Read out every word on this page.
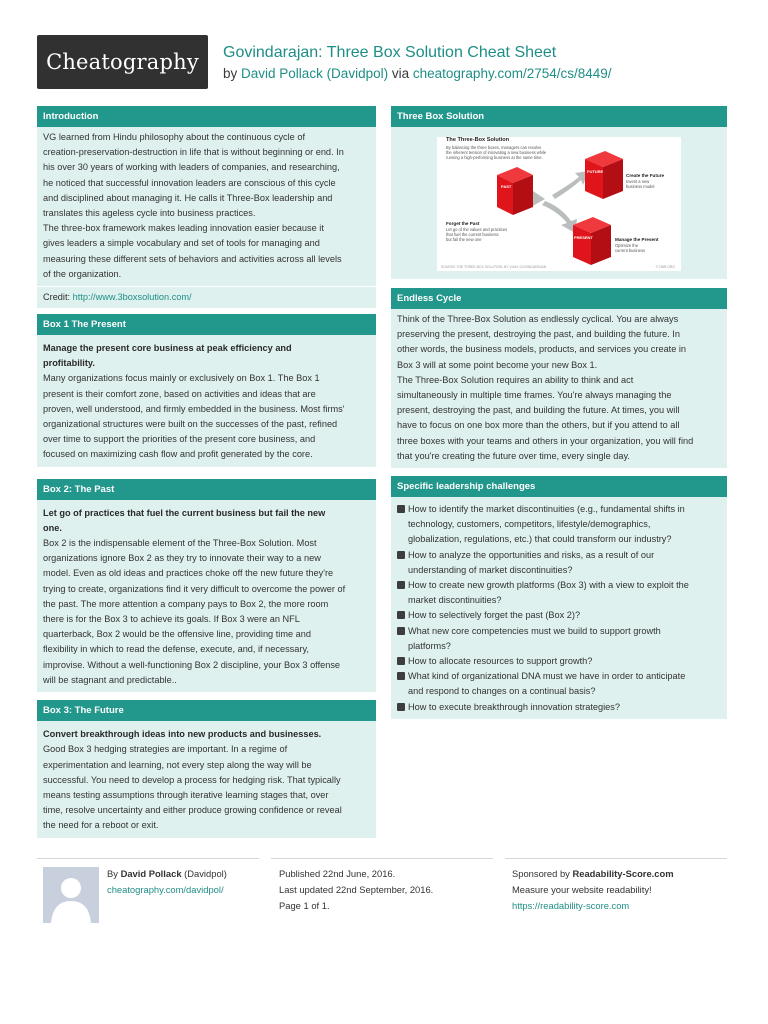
Cheatography	Govindarajan: Three Box Solution Cheat Sheet
by David Pollack (Davidpol) via cheatography.com/2754/cs/8449/
Introduction

VG learned from Hindu philosophy about the continuous cycle of

creation-preservation-destruction in life that is without beginning or end. In

his over 30 years of working with leaders of companies, and researching,

he noticed that successful innovation leaders are conscious of this cycle

and disciplined about managing it. He calls it Three-Box leadership and

translates this ageless cycle into business practices.

The three-box framework makes leading innovation easier because it

gives leaders a simple vocabulary and set of tools for managing and

measuring these different sets of behaviors and activities across all levels

of the organization.

Credit: http://www.3boxsolution.com/
Box 1 The Present

Manage the present core business at peak efficiency and

profitability.

Many organizations focus mainly or exclusively on Box 1. The Box 1

present is their comfort zone, based on activities and ideas that are

proven, well understood, and firmly embedded in the business. Most firms'

organizational structures were built on the successes of the past, refined

over time to support the priorities of the present core business, and

focused on maximizing cash flow and profit generated by the core.

Box 2: The Past

Let go of practices that fuel the current business but fail the new

one.

Box 2 is the indispensable element of the Three-Box Solution. Most

organizations ignore Box 2 as they try to innovate their way to a new

model. Even as old ideas and practices choke off the new future they're

trying to create, organizations find it very difficult to overcome the power of

the past. The more attention a company pays to Box 2, the more room

there is for the Box 3 to achieve its goals. If Box 3 were an NFL

quarterback, Box 2 would be the offensive line, providing time and

flexibility in which to read the defense, execute, and, if necessary,

improvise. Without a well-functioning Box 2 discipline, your Box 3 offense

will be stagnant and predictable..

Box 3: The Future

Convert breakthrough ideas into new products and businesses.

Good Box 3 hedging strategies are important. In a regime of

experimentation and learning, not every step along the way will be

successful. You need to develop a process for hedging risk. That typically

means testing assumptions through iterative learning stages that, over

time, resolve uncertainty and either produce growing confidence or reveal

the need for a reboot or exit.

Three Box Solution
The Three-Box Solution
By balancing the three boxes, managers can resolve
the inherent tension of innovating a new business while
running a high-performing business at the same time.
PAST
FUTURE
PRESENT
Create the Future
Invent a new
business model
Forget the Past
Let go of the values and practices
that fuel the current business
but fail the new one	Manage the Present
Optimize the
current business
SOURCE THE THREE-BOX SOLUTION, BY VIJAY GOVINDARAJAN	© HBR.ORG
Endless Cycle

Think of the Three-Box Solution as endlessly cyclical. You are always

preserving the present, destroying the past, and building the future. In

other words, the business models, products, and services you create in

Box 3 will at some point become your new Box 1.

The Three-Box Solution requires an ability to think and act

simultaneously in multiple time frames. You're always managing the

present, destroying the past, and building the future. At times, you will

have to focus on one box more than the others, but if you attend to all

three boxes with your teams and others in your organization, you will find

that you're creating the future over time, every single day.

Specific leadership challenges
How to identify the market discontinuities (e.g., fundamental shifts in
technology, customers, competitors, lifestyle/demographics,
globalization, regulations, etc.) that could transform our industry?
How to analyze the opportunities and risks, as a result of our
understanding of market discontinuities?
How to create new growth platforms (Box 3) with a view to exploit the
market discontinuities?
How to selectively forget the past (Box 2)?
What new core competencies must we build to support growth
platforms?
How to allocate resources to support growth?
What kind of organizational DNA must we have in order to anticipate
and respond to changes on a continual basis?
How to execute breakthrough innovation strategies?
By David Pollack (Davidpol)
cheatography.com/davidpol/
Published 22nd June, 2016.
Last updated 22nd September, 2016.
Page 1 of 1.
Sponsored by Readability-Score.com
Measure your website readability!
https://readability-score.com
